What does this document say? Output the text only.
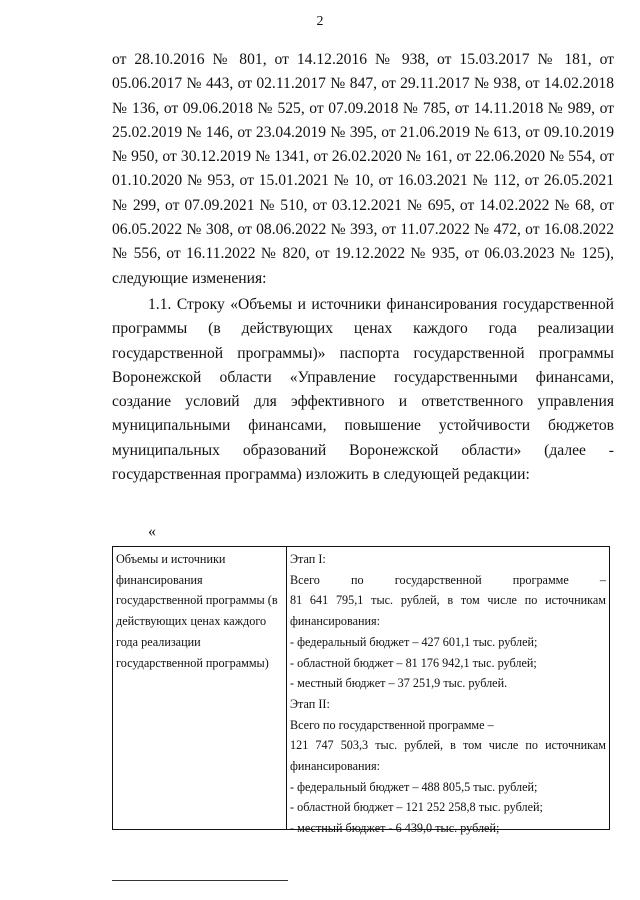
2

от 28.10.2016 № 801, от 14.12.2016 № 938, от 15.03.2017 № 181, от 05.06.2017 № 443, от 02.11.2017 № 847, от 29.11.2017 № 938, от 14.02.2018 № 136, от 09.06.2018 № 525, от 07.09.2018 № 785, от 14.11.2018 № 989, от 25.02.2019 № 146, от 23.04.2019 № 395, от 21.06.2019 № 613, от 09.10.2019 № 950, от 30.12.2019 № 1341, от 26.02.2020 № 161, от 22.06.2020 № 554, от 01.10.2020 № 953, от 15.01.2021 № 10, от 16.03.2021 № 112, от 26.05.2021 № 299, от 07.09.2021 № 510, от 03.12.2021 № 695, от 14.02.2022 № 68, от 06.05.2022 № 308, от 08.06.2022 № 393, от 11.07.2022 № 472, от 16.08.2022 № 556, от 16.11.2022 № 820, от 19.12.2022 № 935, от 06.03.2023 № 125), следующие изменения:

1.1. Строку «Объемы и источники финансирования государственной программы (в действующих ценах каждого года реализации государственной программы)» паспорта государственной программы Воронежской области «Управление государственными финансами, создание условий для эффективного и ответственного управления муниципальными финансами, повышение устойчивости бюджетов муниципальных образований Воронежской области» (далее - государственная программа) изложить в следующей редакции:

«
Объемы и источники финансирования государственной программы (в действующих ценах каждого года реализации государственной программы)
Этап I:
Всего по государственной программе –
81 641 795,1 тыс. рублей, в том числе по источникам
финансирования:
- федеральный бюджет – 427 601,1 тыс. рублей;
- областной бюджет – 81 176 942,1 тыс. рублей;
- местный бюджет – 37 251,9 тыс. рублей.
Этап II:
Всего по государственной программе –
121 747 503,3 тыс. рублей, в том числе по источникам
финансирования:
- федеральный бюджет – 488 805,5 тыс. рублей;
- областной бюджет – 121 252 258,8 тыс. рублей;
- местный бюджет - 6 439,0 тыс. рублей;
